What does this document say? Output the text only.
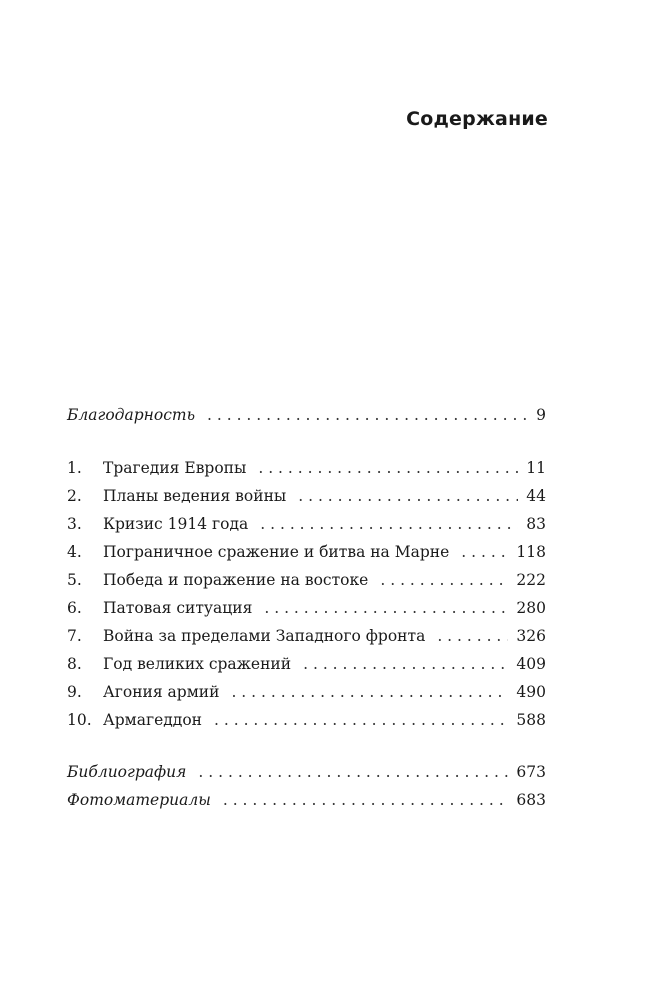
Содержание
Благодарность . . .	9
1.	Трагедия Европы . . .	11
2.	Планы ведения войны . . .	44
3.	Кризис 1914 года . . .	83
4.	Пограничное сражение и битва на Марне . . .	118
5.	Победа и поражение на востоке . . .	222
6.	Патовая ситуация . . .	280
7.	Война за пределами Западного фронта . . .	326
8.	Год великих сражений . . .	409
9.	Агония армий . . .	490
10. Армагеддон . . .	588
Библиография . . .	673
Фотоматериалы . . .	683
